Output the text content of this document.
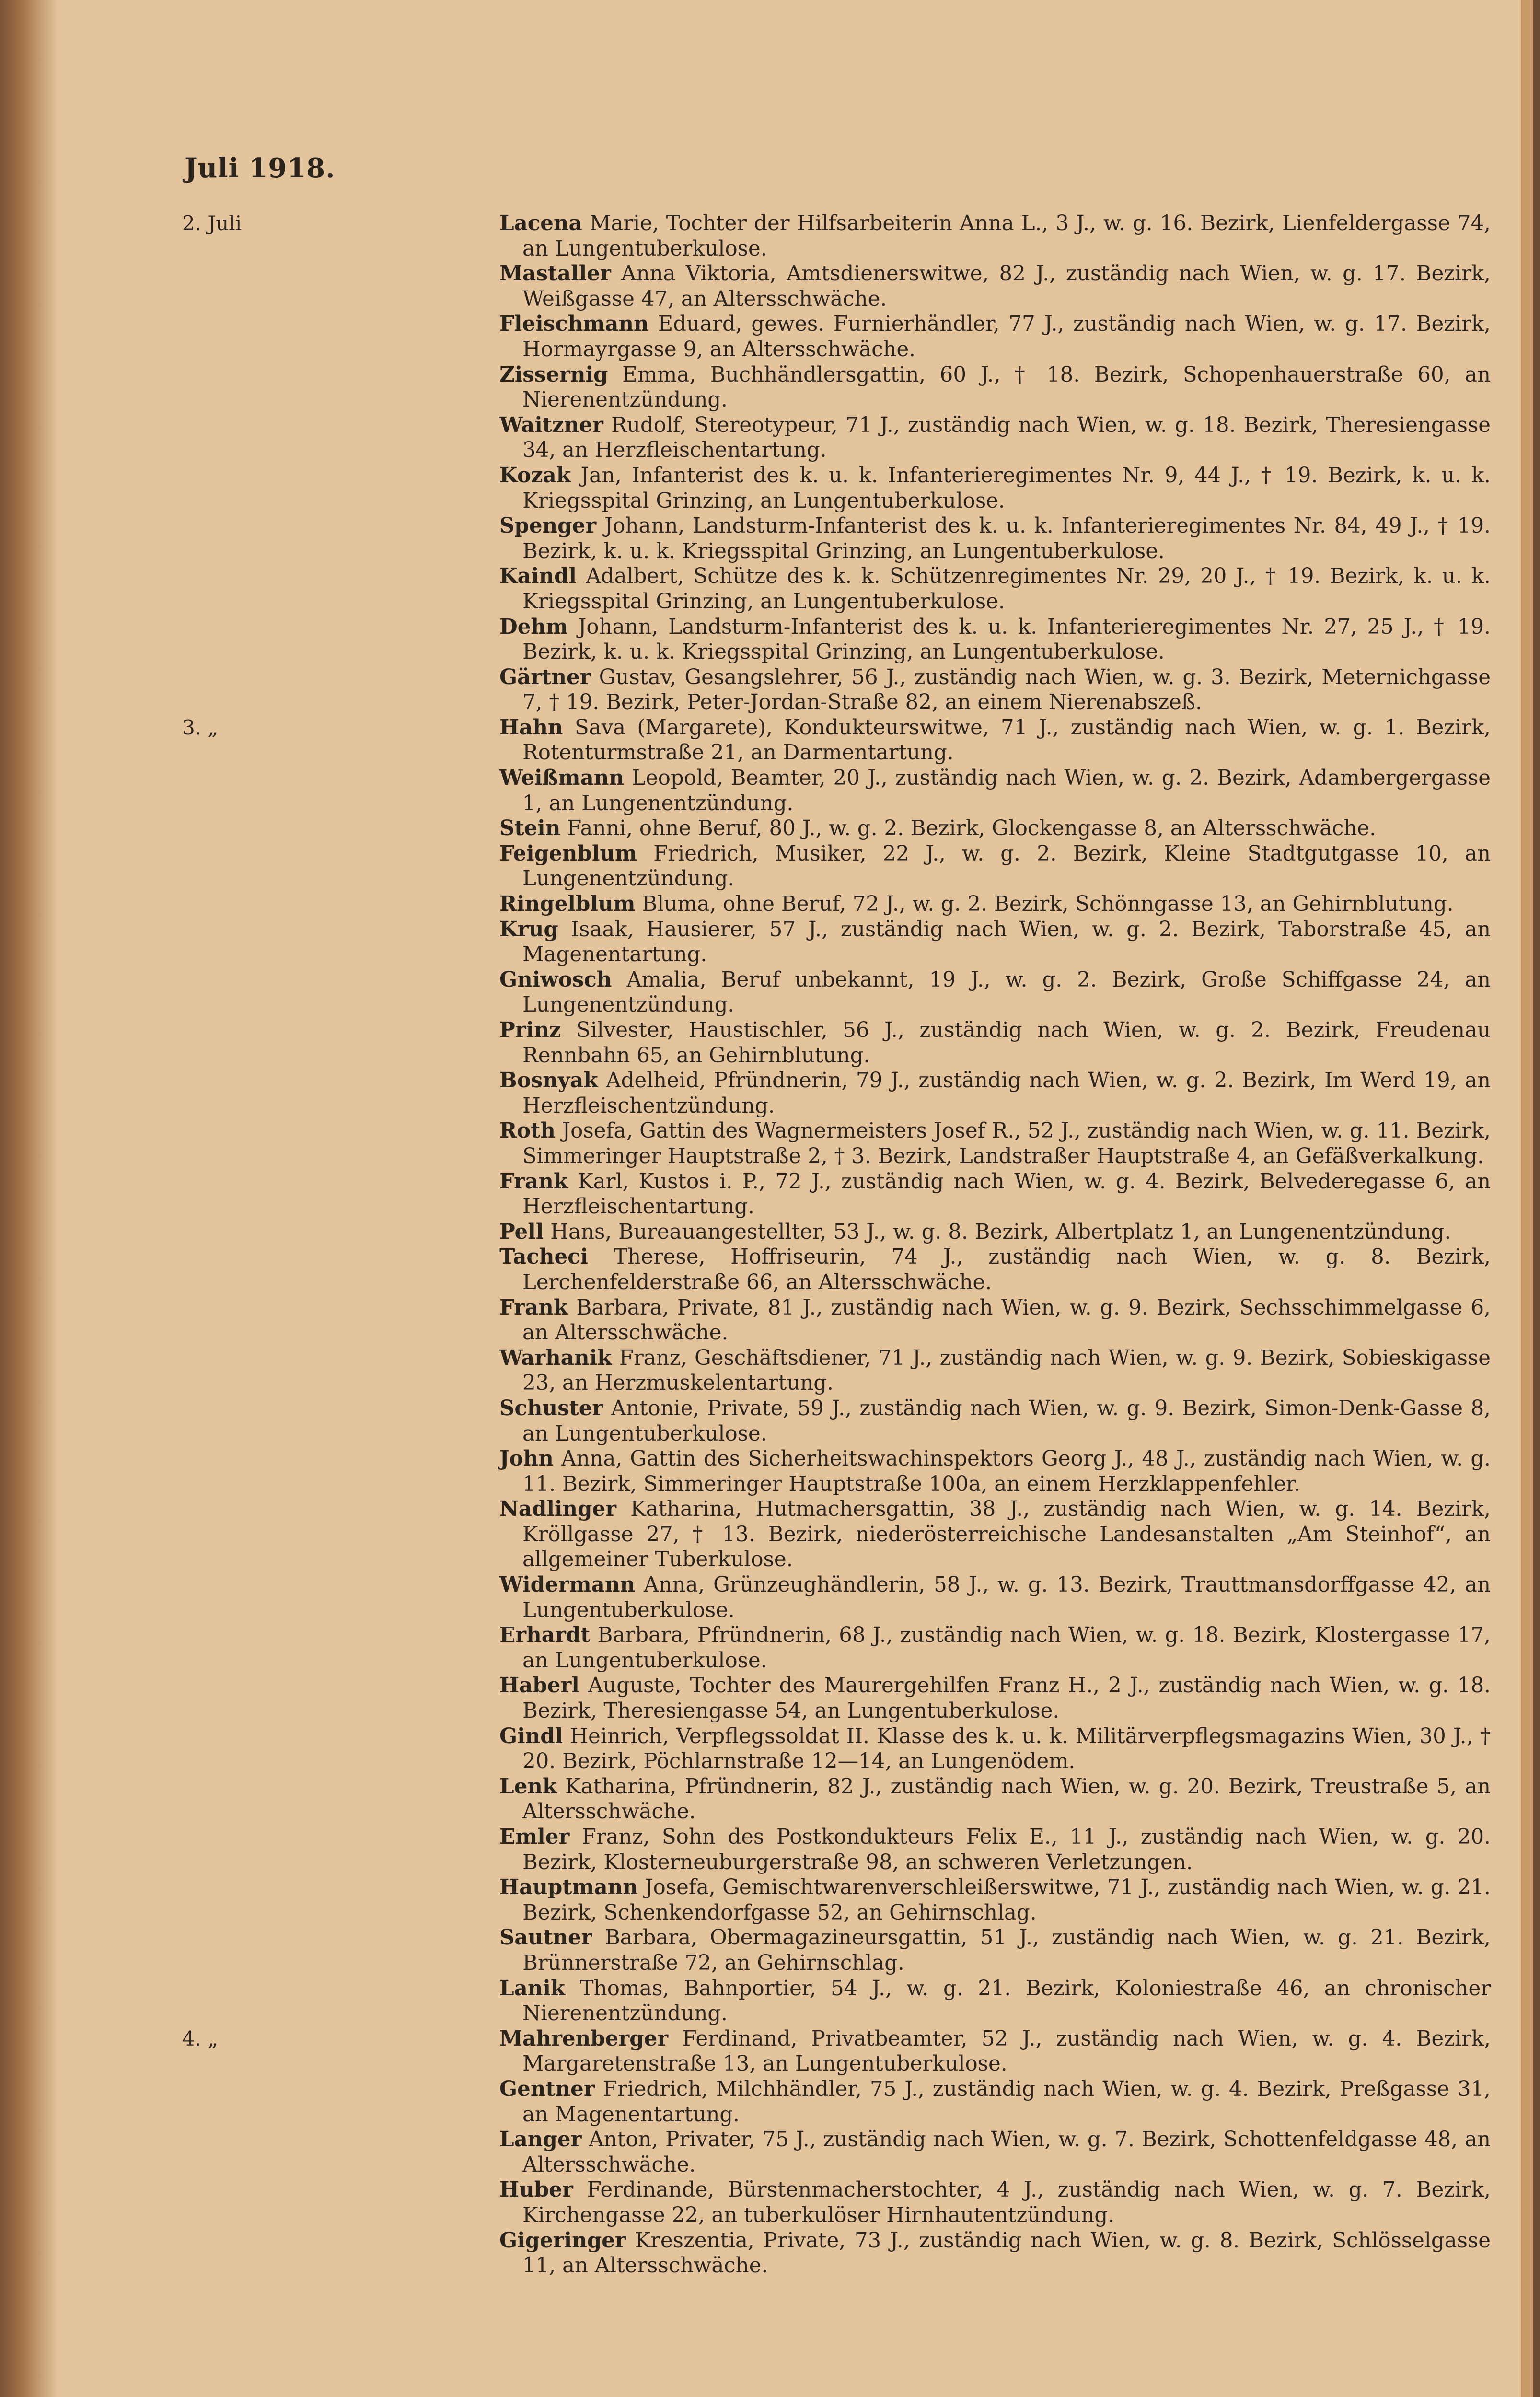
Juli 1918.
2. Juli	Lacena Marie, Tochter der Hilfsarbeiterin Anna L., 3 J., w. g. 16. Bezirk, Lienfeldergasse 74, an Lungentuberkulose.

Mastaller Anna Viktoria, Amtsdienerswitwe, 82 J., zuständig nach Wien, w. g. 17. Bezirk, Weißgasse 47, an Altersschwäche.

Fleischmann Eduard, gewes. Furnierhändler, 77 J., zuständig nach Wien, w. g. 17. Bezirk, Hormayrgasse 9, an Altersschwäche.

Zissernig Emma, Buchhändlersgattin, 60 J., † 18. Bezirk, Schopenhauerstraße 60, an Nierenentzündung.

Waitzner Rudolf, Stereotypeur, 71 J., zuständig nach Wien, w. g. 18. Bezirk, Theresiengasse 34, an Herzfleischentartung.

Kozak Jan, Infanterist des k. u. k. Infanterieregimentes Nr. 9, 44 J., † 19. Bezirk, k. u. k. Kriegsspital Grinzing, an Lungentuberkulose.

Spenger Johann, Landsturm-Infanterist des k. u. k. Infanterieregimentes Nr. 84, 49 J., † 19. Bezirk, k. u. k. Kriegsspital Grinzing, an Lungentuberkulose.

Kaindl Adalbert, Schütze des k. k. Schützenregimentes Nr. 29, 20 J., † 19. Bezirk, k. u. k. Kriegsspital Grinzing, an Lungentuberkulose.

Dehm Johann, Landsturm-Infanterist des k. u. k. Infanterieregimentes Nr. 27, 25 J., † 19. Bezirk, k. u. k. Kriegsspital Grinzing, an Lungentuberkulose.

Gärtner Gustav, Gesangslehrer, 56 J., zuständig nach Wien, w. g. 3. Bezirk, Meternichgasse 7, † 19. Bezirk, Peter-Jordan-Straße 82, an einem Nierenabszeß.

3. „	Hahn Sava (Margarete), Kondukteurswitwe, 71 J., zuständig nach Wien, w. g. 1. Bezirk, Rotenturmstraße 21, an Darmentartung.

Weißmann Leopold, Beamter, 20 J., zuständig nach Wien, w. g. 2. Bezirk, Adambergergasse 1, an Lungenentzündung.

Stein Fanni, ohne Beruf, 80 J., w. g. 2. Bezirk, Glockengasse 8, an Altersschwäche.

Feigenblum Friedrich, Musiker, 22 J., w. g. 2. Bezirk, Kleine Stadtgutgasse 10, an Lungenentzündung.

Ringelblum Bluma, ohne Beruf, 72 J., w. g. 2. Bezirk, Schönngasse 13, an Gehirnblutung.

Krug Isaak, Hausierer, 57 J., zuständig nach Wien, w. g. 2. Bezirk, Taborstraße 45, an Magenentartung.

Gniwosch Amalia, Beruf unbekannt, 19 J., w. g. 2. Bezirk, Große Schiffgasse 24, an Lungenentzündung.

Prinz Silvester, Haustischler, 56 J., zuständig nach Wien, w. g. 2. Bezirk, Freudenau Rennbahn 65, an Gehirnblutung.

Bosnyak Adelheid, Pfründnerin, 79 J., zuständig nach Wien, w. g. 2. Bezirk, Im Werd 19, an Herzfleischentzündung.

Roth Josefa, Gattin des Wagnermeisters Josef R., 52 J., zuständig nach Wien, w. g. 11. Bezirk, Simmeringer Hauptstraße 2, † 3. Bezirk, Landstraßer Hauptstraße 4, an Gefäßverkalkung.

Frank Karl, Kustos i. P., 72 J., zuständig nach Wien, w. g. 4. Bezirk, Belvederegasse 6, an Herzfleischentartung.

Pell Hans, Bureauangestellter, 53 J., w. g. 8. Bezirk, Albertplatz 1, an Lungenentzündung.

Tacheci Therese, Hoffriseurin, 74 J., zuständig nach Wien, w. g. 8. Bezirk, Lerchenfelderstraße 66, an Altersschwäche.

Frank Barbara, Private, 81 J., zuständig nach Wien, w. g. 9. Bezirk, Sechsschimmelgasse 6, an Altersschwäche.

Warhanik Franz, Geschäftsdiener, 71 J., zuständig nach Wien, w. g. 9. Bezirk, Sobieskigasse 23, an Herzmuskelentartung.

Schuster Antonie, Private, 59 J., zuständig nach Wien, w. g. 9. Bezirk, Simon-Denk-Gasse 8, an Lungentuberkulose.

John Anna, Gattin des Sicherheitswachinspektors Georg J., 48 J., zuständig nach Wien, w. g. 11. Bezirk, Simmeringer Hauptstraße 100a, an einem Herzklappenfehler.

Nadlinger Katharina, Hutmachersgattin, 38 J., zuständig nach Wien, w. g. 14. Bezirk, Kröllgasse 27, † 13. Bezirk, niederösterreichische Landesanstalten „Am Steinhof“, an allgemeiner Tuberkulose.

Widermann Anna, Grünzeughändlerin, 58 J., w. g. 13. Bezirk, Trauttmansdorffgasse 42, an Lungentuberkulose.

Erhardt Barbara, Pfründnerin, 68 J., zuständig nach Wien, w. g. 18. Bezirk, Klostergasse 17, an Lungentuberkulose.

Haberl Auguste, Tochter des Maurergehilfen Franz H., 2 J., zuständig nach Wien, w. g. 18. Bezirk, Theresiengasse 54, an Lungentuberkulose.

Gindl Heinrich, Verpflegssoldat II. Klasse des k. u. k. Militärverpflegsmagazins Wien, 30 J., † 20. Bezirk, Pöchlarnstraße 12—14, an Lungenödem.

Lenk Katharina, Pfründnerin, 82 J., zuständig nach Wien, w. g. 20. Bezirk, Treustraße 5, an Altersschwäche.

Emler Franz, Sohn des Postkondukteurs Felix E., 11 J., zuständig nach Wien, w. g. 20. Bezirk, Klosterneuburgerstraße 98, an schweren Verletzungen.

Hauptmann Josefa, Gemischtwarenverschleißerswitwe, 71 J., zuständig nach Wien, w. g. 21. Bezirk, Schenkendorfgasse 52, an Gehirnschlag.

Sautner Barbara, Obermagazineursgattin, 51 J., zuständig nach Wien, w. g. 21. Bezirk, Brünnerstraße 72, an Gehirnschlag.

Lanik Thomas, Bahnportier, 54 J., w. g. 21. Bezirk, Koloniestraße 46, an chronischer Nierenentzündung.

4. „	Mahrenberger Ferdinand, Privatbeamter, 52 J., zuständig nach Wien, w. g. 4. Bezirk, Margaretenstraße 13, an Lungentuberkulose.

Gentner Friedrich, Milchhändler, 75 J., zuständig nach Wien, w. g. 4. Bezirk, Preßgasse 31, an Magenentartung.

Langer Anton, Privater, 75 J., zuständig nach Wien, w. g. 7. Bezirk, Schottenfeldgasse 48, an Altersschwäche.

Huber Ferdinande, Bürstenmacherstochter, 4 J., zuständig nach Wien, w. g. 7. Bezirk, Kirchengasse 22, an tuberkulöser Hirnhautentzündung.

Gigeringer Kreszentia, Private, 73 J., zuständig nach Wien, w. g. 8. Bezirk, Schlösselgasse 11, an Altersschwäche.
